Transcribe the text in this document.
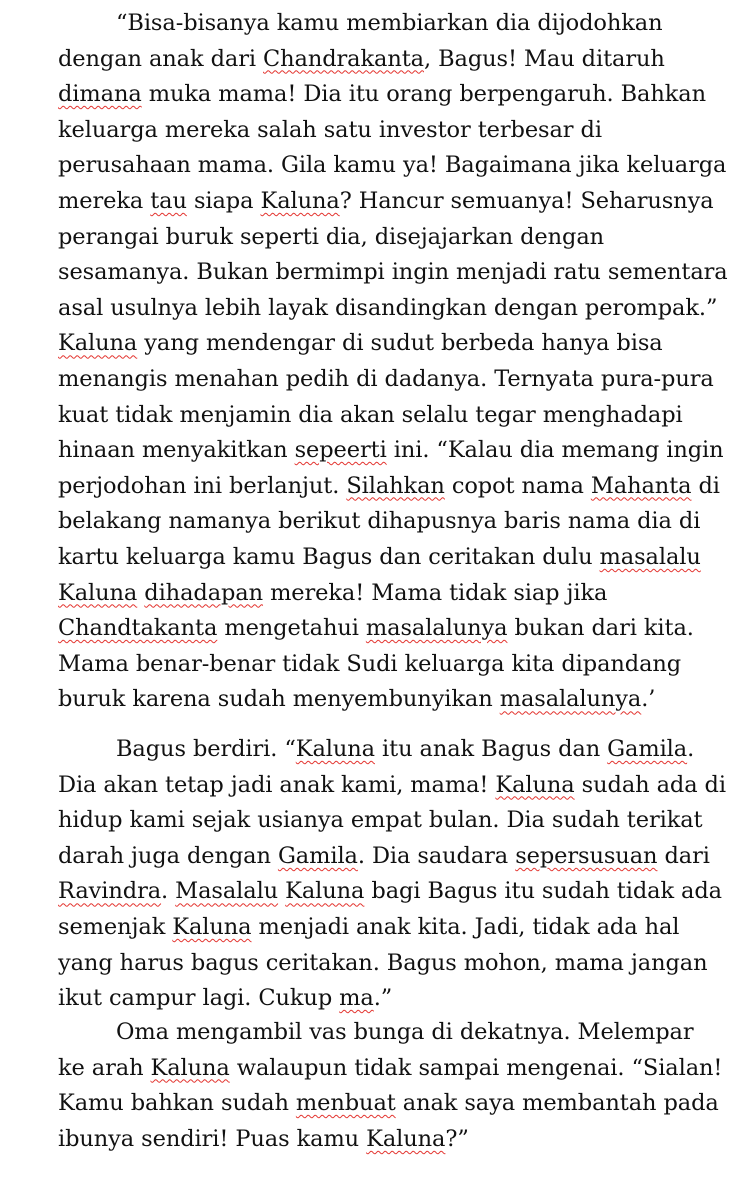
“Bisa-bisanya kamu membiarkan dia dijodohkan
dengan anak dari Chandrakanta, Bagus! Mau ditaruh
dimana muka mama! Dia itu orang berpengaruh. Bahkan
keluarga mereka salah satu investor terbesar di
perusahaan mama. Gila kamu ya! Bagaimana jika keluarga
mereka tau siapa Kaluna? Hancur semuanya! Seharusnya
perangai buruk seperti dia, disejajarkan dengan
sesamanya. Bukan bermimpi ingin menjadi ratu sementara
asal usulnya lebih layak disandingkan dengan perompak.”
Kaluna yang mendengar di sudut berbeda hanya bisa
menangis menahan pedih di dadanya. Ternyata pura-pura
kuat tidak menjamin dia akan selalu tegar menghadapi
hinaan menyakitkan sepeerti ini. “Kalau dia memang ingin
perjodohan ini berlanjut. Silahkan copot nama Mahanta di
belakang namanya berikut dihapusnya baris nama dia di
kartu keluarga kamu Bagus dan ceritakan dulu masalalu
Kaluna dihadapan mereka! Mama tidak siap jika
Chandtakanta mengetahui masalalunya bukan dari kita.
Mama benar-benar tidak Sudi keluarga kita dipandang
buruk karena sudah menyembunyikan masalalunya.’
Bagus berdiri. “Kaluna itu anak Bagus dan Gamila.
Dia akan tetap jadi anak kami, mama! Kaluna sudah ada di
hidup kami sejak usianya empat bulan. Dia sudah terikat
darah juga dengan Gamila. Dia saudara sepersusuan dari
Ravindra. Masalalu Kaluna bagi Bagus itu sudah tidak ada
semenjak Kaluna menjadi anak kita. Jadi, tidak ada hal
yang harus bagus ceritakan. Bagus mohon, mama jangan
ikut campur lagi. Cukup ma.”
Oma mengambil vas bunga di dekatnya. Melempar
ke arah Kaluna walaupun tidak sampai mengenai. “Sialan!
Kamu bahkan sudah menbuat anak saya membantah pada
ibunya sendiri! Puas kamu Kaluna?”
